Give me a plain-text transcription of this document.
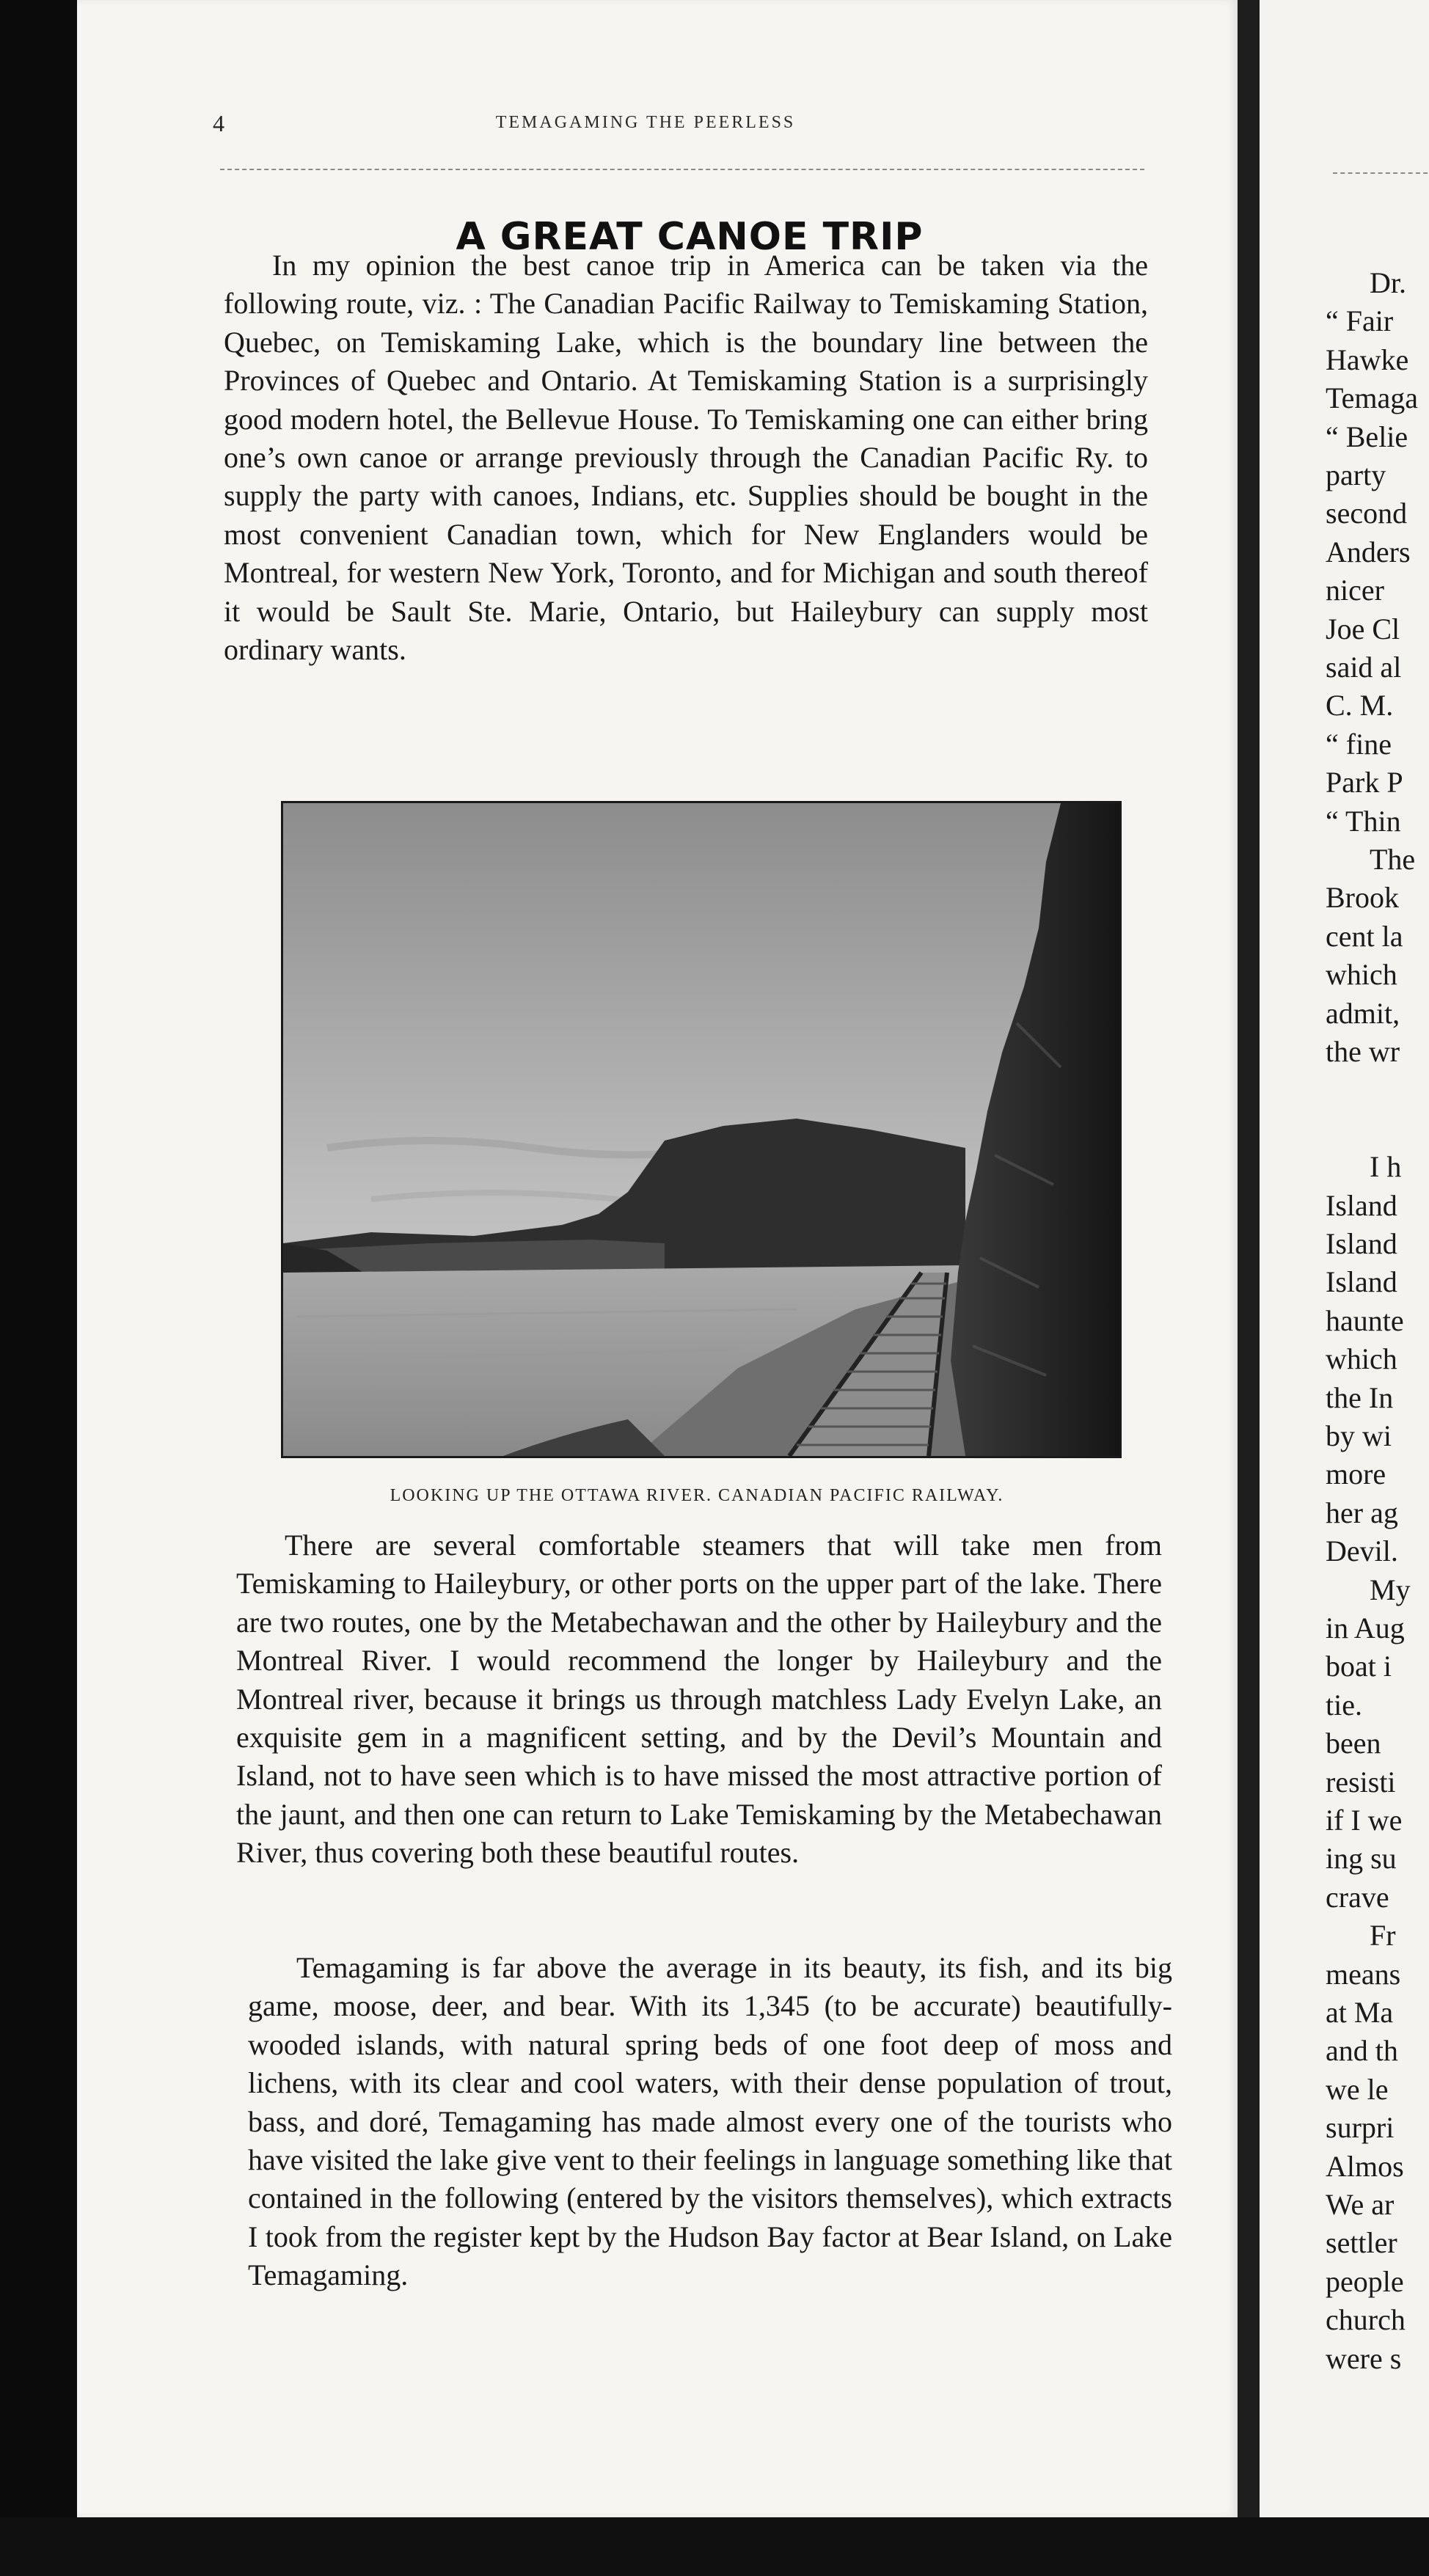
4	TEMAGAMING THE PEERLESS
A GREAT CANOE TRIP

In my opinion the best canoe trip in America can be taken via the following route, viz. : The Canadian Pacific Railway to Temiskaming Station, Quebec, on Temiskaming Lake, which is the boundary line between the Provinces of Quebec and Ontario. At Temiskaming Station is a surprisingly good modern hotel, the Bellevue House. To Temiskaming one can either bring one’s own canoe or arrange previously through the Canadian Pacific Ry. to supply the party with canoes, Indians, etc. Supplies should be bought in the most convenient Canadian town, which for New Englanders would be Montreal, for western New York, Toronto, and for Michigan and south thereof it would be Sault Ste. Marie, Ontario, but Haileybury can supply most ordinary wants.

LOOKING UP THE OTTAWA RIVER. CANADIAN PACIFIC RAILWAY.

There are several comfortable steamers that will take men from Temiskaming to Haileybury, or other ports on the upper part of the lake. There are two routes, one by the Metabechawan and the other by Haileybury and the Montreal River. I would recommend the longer by Haileybury and the Montreal river, because it brings us through matchless Lady Evelyn Lake, an exquisite gem in a magnificent setting, and by the Devil’s Mountain and Island, not to have seen which is to have missed the most attractive portion of the jaunt, and then one can return to Lake Temiskaming by the Metabechawan River, thus covering both these beautiful routes.

Temagaming is far above the average in its beauty, its fish, and its big game, moose, deer, and bear. With its 1,345 (to be accurate) beautifully-wooded islands, with natural spring beds of one foot deep of moss and lichens, with its clear and cool waters, with their dense population of trout, bass, and doré, Temagaming has made almost every one of the tourists who have visited the lake give vent to their feelings in language something like that contained in the following (entered by the visitors themselves), which extracts I took from the register kept by the Hudson Bay factor at Bear Island, on Lake Temagaming.

Dr.
“ Fair
Hawke
Temaga
“ Belie
party
second
Anders
nicer
Joe Cl
said al
C. M.
“ fine
Park P
“ Thin
The
Brook
cent la
which
admit,
the wr
I h
Island
Island
Island
haunte
which
the In
by wi
more
her ag
Devil.
My
in Aug
boat i
tie.
been
resisti
if I we
ing su
crave
Fr
means
at Ma
and th
we le
surpri
Almos
We ar
settler
people
church
were s
